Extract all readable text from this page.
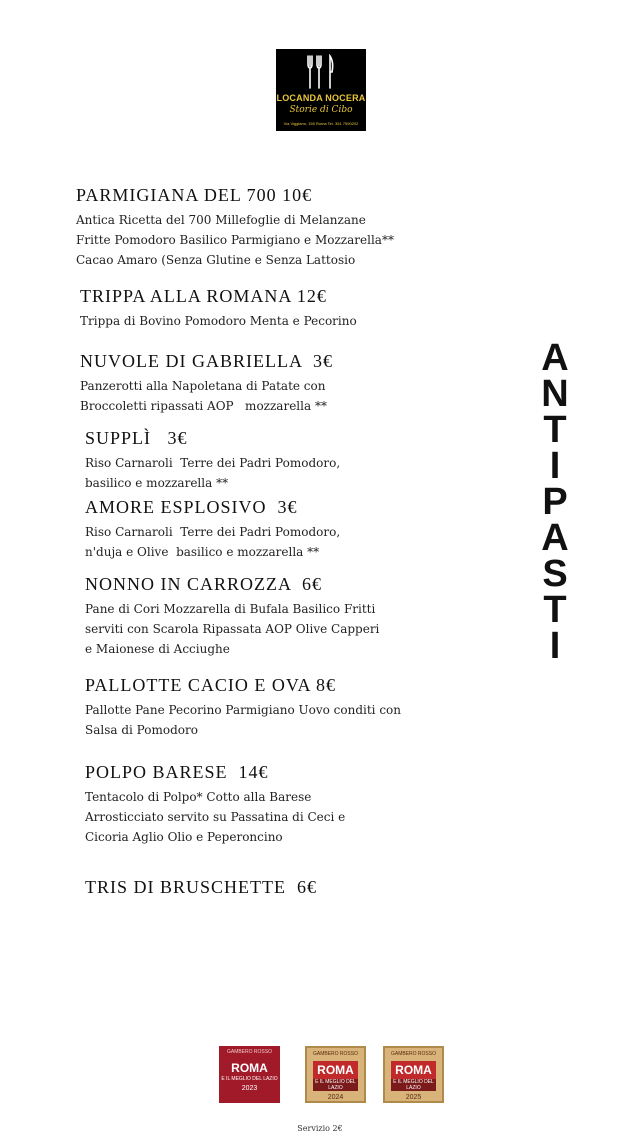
LOCANDA NOCERA
Storie di Cibo
Via Viggiano, 155 Roma Tel. 351 7590202

PARMIGIANA DEL 700 10€

Antica Ricetta del 700 Millefoglie di Melanzane
Fritte Pomodoro Basilico Parmigiano e Mozzarella**
Cacao Amaro (Senza Glutine e Senza Lattosio

TRIPPA ALLA ROMANA 12€

Trippa di Bovino Pomodoro Menta e Pecorino

NUVOLE DI GABRIELLA  3€

Panzerotti alla Napoletana di Patate con
Broccoletti ripassati AOP   mozzarella **

SUPPLÌ   3€

Riso Carnaroli  Terre dei Padri Pomodoro,
basilico e mozzarella **

AMORE ESPLOSIVO  3€

Riso Carnaroli  Terre dei Padri Pomodoro,
n'duja e Olive  basilico e mozzarella **

NONNO IN CARROZZA  6€

Pane di Cori Mozzarella di Bufala Basilico Fritti
serviti con Scarola Ripassata AOP Olive Capperi
e Maionese di Acciughe

PALLOTTE CACIO E OVA 8€

Pallotte Pane Pecorino Parmigiano Uovo conditi con
Salsa di Pomodoro

POLPO BARESE  14€

Tentacolo di Polpo* Cotto alla Barese
Arrosticciato servito su Passatina di Ceci e
Cicoria Aglio Olio e Peperoncino

TRIS DI BRUSCHETTE  6€

A
N
T
I
P
A
S
T
I
GAMBERO ROSSO
ROMA
E IL MEGLIO DEL LAZIO
2023
GAMBERO ROSSO
ROMA
E IL MEGLIO DEL LAZIO
2024
GAMBERO ROSSO
ROMA
E IL MEGLIO DEL LAZIO
2025
Servizio 2€
